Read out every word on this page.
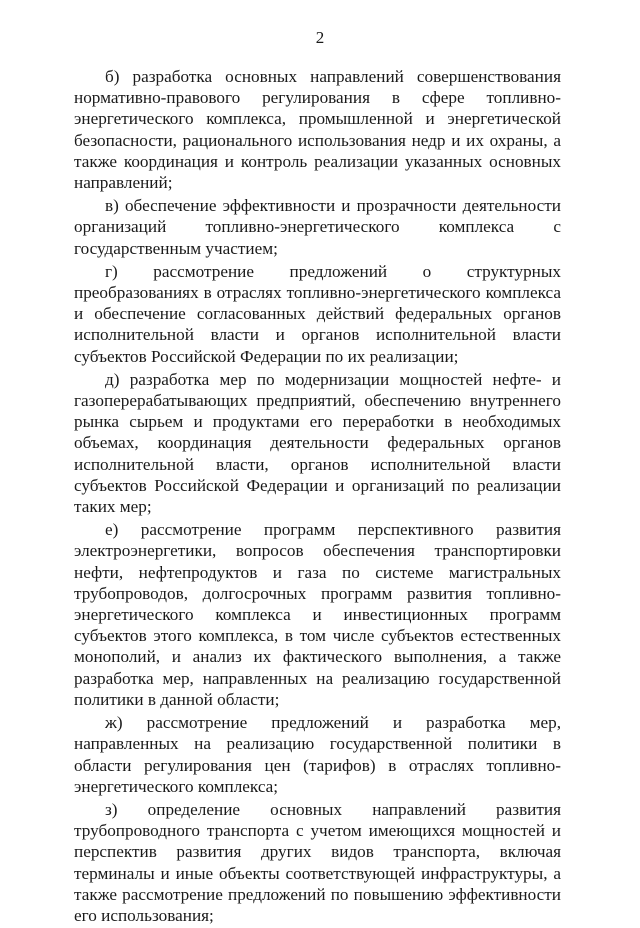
2

б) разработка основных направлений совершенствования нормативно-правового регулирования в сфере топливно-энергетического комплекса, промышленной и энергетической безопасности, рационального использования недр и их охраны, а также координация и контроль реализации указанных основных направлений;

в) обеспечение эффективности и прозрачности деятельности организаций топливно-энергетического комплекса с государственным участием;

г) рассмотрение предложений о структурных преобразованиях в отраслях топливно-энергетического комплекса и обеспечение согласованных действий федеральных органов исполнительной власти и органов исполнительной власти субъектов Российской Федерации по их реализации;

д) разработка мер по модернизации мощностей нефте- и газоперерабатывающих предприятий, обеспечению внутреннего рынка сырьем и продуктами его переработки в необходимых объемах, координация деятельности федеральных органов исполнительной власти, органов исполнительной власти субъектов Российской Федерации и организаций по реализации таких мер;

е) рассмотрение программ перспективного развития электроэнергетики, вопросов обеспечения транспортировки нефти, нефтепродуктов и газа по системе магистральных трубопроводов, долгосрочных программ развития топливно-энергетического комплекса и инвестиционных программ субъектов этого комплекса, в том числе субъектов естественных монополий, и анализ их фактического выполнения, а также разработка мер, направленных на реализацию государственной политики в данной области;

ж) рассмотрение предложений и разработка мер, направленных на реализацию государственной политики в области регулирования цен (тарифов) в отраслях топливно-энергетического комплекса;

з) определение основных направлений развития трубопроводного транспорта с учетом имеющихся мощностей и перспектив развития других видов транспорта, включая терминалы и иные объекты соответствующей инфраструктуры, а также рассмотрение предложений по повышению эффективности его использования;
